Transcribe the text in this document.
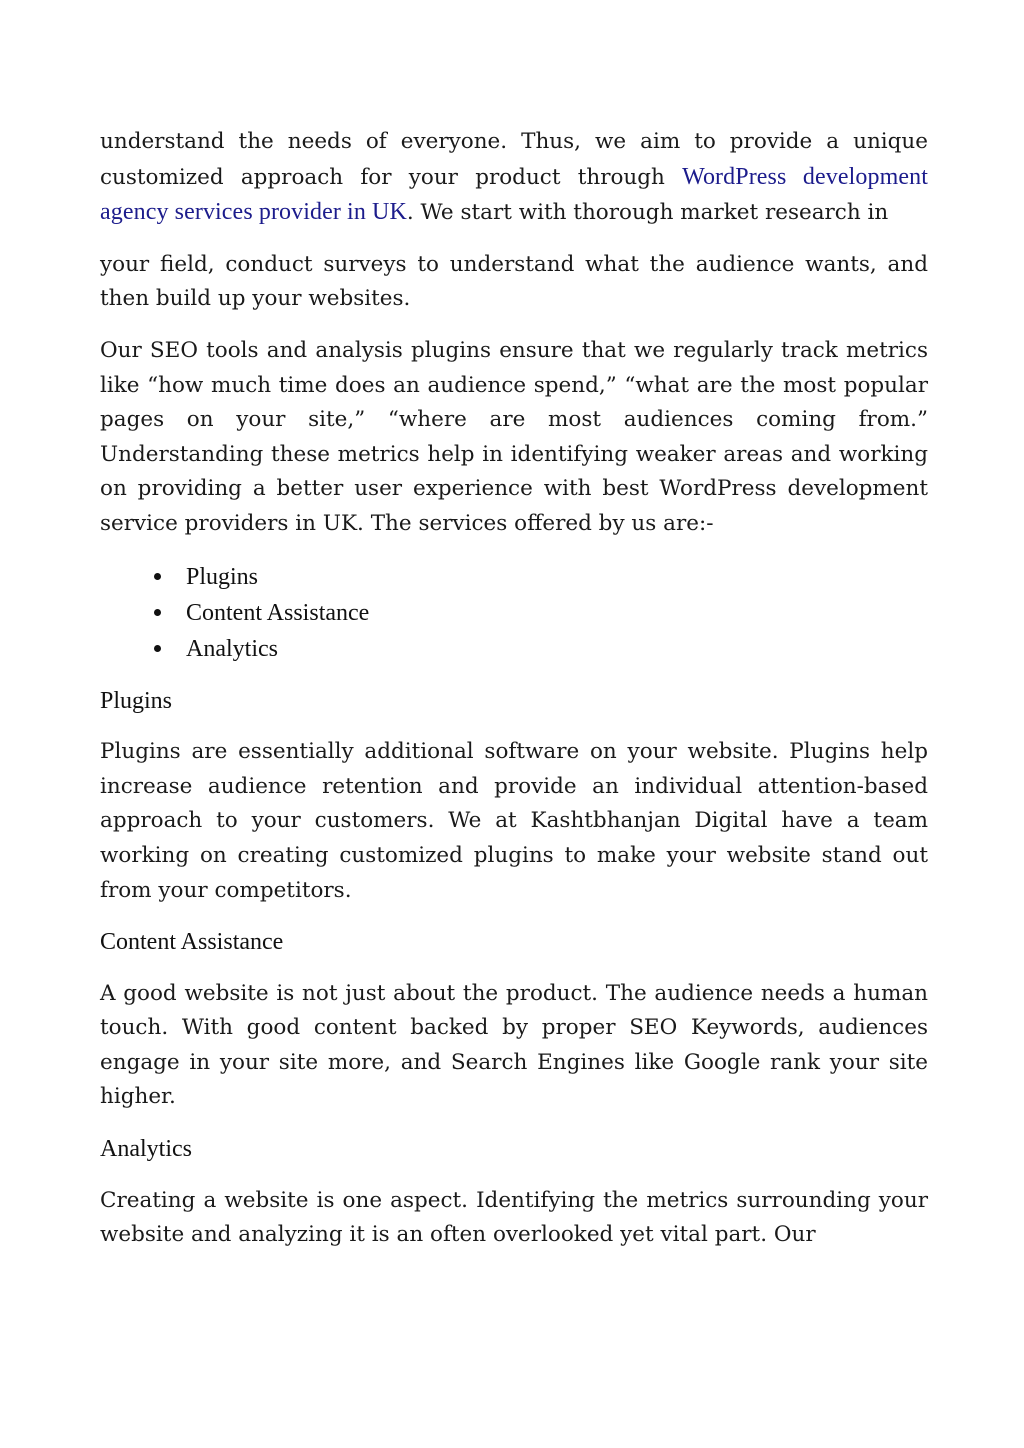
understand the needs of everyone. Thus, we aim to provide a unique customized approach for your product through WordPress development agency services provider in UK. We start with thorough market research in

your field, conduct surveys to understand what the audience wants, and then build up your websites.

Our SEO tools and analysis plugins ensure that we regularly track metrics like “how much time does an audience spend,” “what are the most popular pages on your site,” “where are most audiences coming from.” Understanding these metrics help in identifying weaker areas and working on providing a better user experience with best WordPress development service providers in UK. The services offered by us are:-

Plugins
Content Assistance
Analytics
Plugins

Plugins are essentially additional software on your website. Plugins help increase audience retention and provide an individual attention-based approach to your customers. We at Kashtbhanjan Digital have a team working on creating customized plugins to make your website stand out from your competitors.

Content Assistance

A good website is not just about the product. The audience needs a human touch. With good content backed by proper SEO Keywords, audiences engage in your site more, and Search Engines like Google rank your site higher.

Analytics

Creating a website is one aspect. Identifying the metrics surrounding your website and analyzing it is an often overlooked yet vital part. Our
